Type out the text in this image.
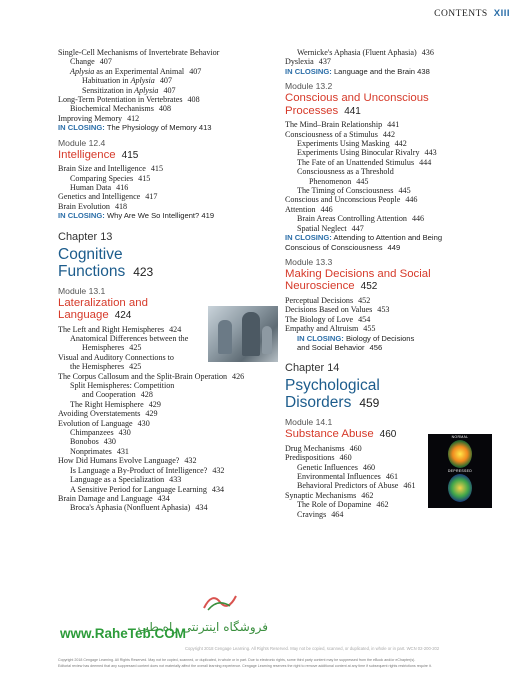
CONTENTS XIII
Single-Cell Mechanisms of Invertebrate Behavior
Change 407
Aplysia as an Experimental Animal 407
Habituation in Aplysia 407
Sensitization in Aplysia 407
Long-Term Potentiation in Vertebrates 408
Biochemical Mechanisms 408
Improving Memory 412
IN CLOSING: The Physiology of Memory 413
Module 12.4
Intelligence 415
Brain Size and Intelligence 415
Comparing Species 415
Human Data 416
Genetics and Intelligence 417
Brain Evolution 418
IN CLOSING: Why Are We So Intelligent? 419
Chapter 13
Cognitive
Functions 423
Module 13.1
Lateralization and
Language 424
The Left and Right Hemispheres 424
Anatomical Differences between the
Hemispheres 425
Visual and Auditory Connections to
the Hemispheres 425
The Corpus Callosum and the Split-Brain Operation 426
Split Hemispheres: Competition
and Cooperation 428
The Right Hemisphere 429
Avoiding Overstatements 429
Evolution of Language 430
Chimpanzees 430
Bonobos 430
Nonprimates 431
How Did Humans Evolve Language? 432
Is Language a By-Product of Intelligence? 432
Language as a Specialization 433
A Sensitive Period for Language Learning 434
Brain Damage and Language 434
Broca's Aphasia (Nonfluent Aphasia) 434
Wernicke's Aphasia (Fluent Aphasia) 436
Dyslexia 437
IN CLOSING: Language and the Brain 438
Module 13.2
Conscious and Unconscious
Processes 441
The Mind–Brain Relationship 441
Consciousness of a Stimulus 442
Experiments Using Masking 442
Experiments Using Binocular Rivalry 443
The Fate of an Unattended Stimulus 444
Consciousness as a Threshold
Phenomenon 445
The Timing of Consciousness 445
Conscious and Unconscious People 446
Attention 446
Brain Areas Controlling Attention 446
Spatial Neglect 447
IN CLOSING: Attending to Attention and Being
Conscious of Consciousness 449
Module 13.3
Making Decisions and Social
Neuroscience 452
Perceptual Decisions 452
Decisions Based on Values 453
The Biology of Love 454
Empathy and Altruism 455
IN CLOSING: Biology of Decisions
and Social Behavior 456
Chapter 14
Psychological
Disorders 459
Module 14.1
Substance Abuse 460
Drug Mechanisms 460
Predispositions 460
Genetic Influences 460
Environmental Influences 461
Behavioral Predictors of Abuse 461
Synaptic Mechanisms 462
The Role of Dopamine 462
Cravings 464
NORMAL
DEPRESSED
فروشگاه اینترنتی راه طب
www.RaheTeb.COM
Copyright 2018 Cengage Learning. All Rights Reserved. May not be copied, scanned, or duplicated, in whole or in part. WCN 02-200-202
Copyright 2018 Cengage Learning. All Rights Reserved. May not be copied, scanned, or duplicated, in whole or in part. Due to electronic rights, some third party content may be suppressed from the eBook and/or eChapter(s).
Editorial review has deemed that any suppressed content does not materially affect the overall learning experience. Cengage Learning reserves the right to remove additional content at any time if subsequent rights restrictions require it.
